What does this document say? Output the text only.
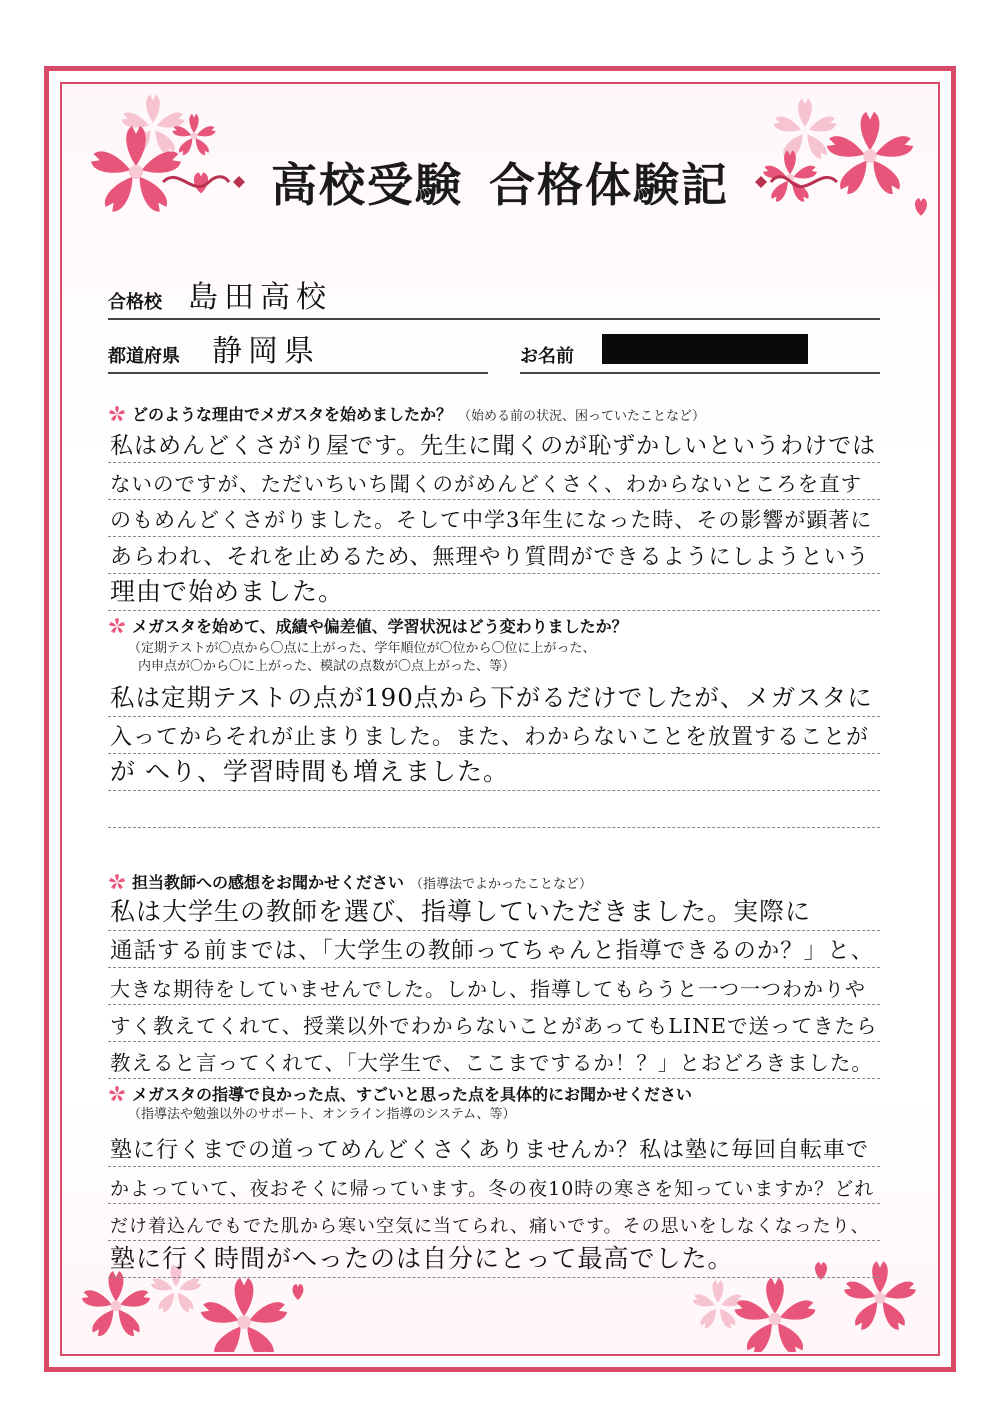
高校受験 合格体験記
合格校 島田高校
都道府県 静岡県	お名前
どのような理由でメガスタを始めましたか？ （始める前の状況、困っていたことなど）
私はめんどくさがり屋です。先生に聞くのが恥ずかしいというわけでは
ないのですが、ただいちいち聞くのがめんどくさく、わからないところを直す
のもめんどくさがりました。そして中学3年生になった時、その影響が顕著に
あらわれ、それを止めるため、無理やり質問ができるようにしようという
理由で始めました。
メガスタを始めて、成績や偏差値、学習状況はどう変わりましたか？
（定期テストが〇点から〇点に上がった、学年順位が〇位から〇位に上がった、
内申点が〇から〇に上がった、模試の点数が〇点上がった、等）
私は定期テストの点が190点から下がるだけでしたが、メガスタに
入ってからそれが止まりました。また、わからないことを放置することが
が へり、学習時間も増えました。
担当教師への感想をお聞かせください （指導法でよかったことなど）
私は大学生の教師を選び、指導していただきました。実際に
通話する前までは、「大学生の教師ってちゃんと指導できるのか？」と、
大きな期待をしていませんでした。しかし、指導してもらうと一つ一つわかりや
すく教えてくれて、授業以外でわからないことがあってもLINEで送ってきたら
教えると言ってくれて、「大学生で、ここまでするか！？」とおどろきました。
メガスタの指導で良かった点、すごいと思った点を具体的にお聞かせください
（指導法や勉強以外のサポート、オンライン指導のシステム、等）
塾に行くまでの道ってめんどくさくありませんか？私は塾に毎回自転車で
かよっていて、夜おそくに帰っています。冬の夜10時の寒さを知っていますか？どれ
だけ着込んでもでた肌から寒い空気に当てられ、痛いです。その思いをしなくなったり、
塾に行く時間がへったのは自分にとって最高でした。
